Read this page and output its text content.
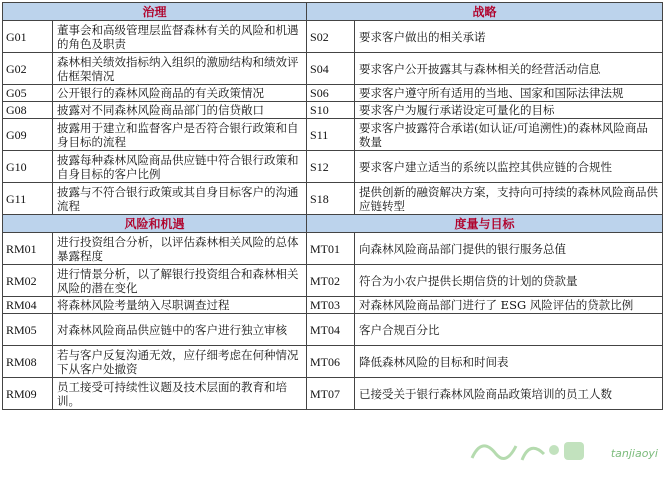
治理		战略	
G01	董事会和高级管理层监督森林有关的风险和机遇的角色及职责	S02	要求客户做出的相关承诺
G02	森林相关绩效指标纳入组织的激励结构和绩效评估框架情况	S04	要求客户公开披露其与森林相关的经营活动信息
G05	公开银行的森林风险商品的有关政策情况	S06	要求客户遵守所有适用的当地、国家和国际法律法规
G08	披露对不同森林风险商品部门的信贷敞口	S10	要求客户为履行承诺设定可量化的目标
G09	披露用于建立和监督客户是否符合银行政策和自身目标的流程	S11	要求客户披露符合承诺(如认证/可追溯性)的森林风险商品数量
G10	披露每种森林风险商品供应链中符合银行政策和自身目标的客户比例	S12	要求客户建立适当的系统以监控其供应链的合规性
G11	披露与不符合银行政策或其自身目标客户的沟通流程	S18	提供创新的融资解决方案，支持向可持续的森林风险商品供应链转型
风险和机遇		度量与目标	
RM01	进行投资组合分析，以评估森林相关风险的总体暴露程度	MT01	向森林风险商品部门提供的银行服务总值
RM02	进行情景分析，以了解银行投资组合和森林相关风险的潜在变化	MT02	符合为小农户提供长期信贷的计划的贷款量
RM04	将森林风险考量纳入尽职调查过程	MT03	对森林风险商品部门进行了 ESG 风险评估的贷款比例
RM05	对森林风险商品供应链中的客户进行独立审核	MT04	客户合规百分比
RM08	若与客户反复沟通无效，应仔细考虑在何种情况下从客户处撤资	MT06	降低森林风险的目标和时间表
RM09	员工接受可持续性议题及技术层面的教育和培训。	MT07	已接受关于银行森林风险商品政策培训的员工人数
tanjiaoyi
